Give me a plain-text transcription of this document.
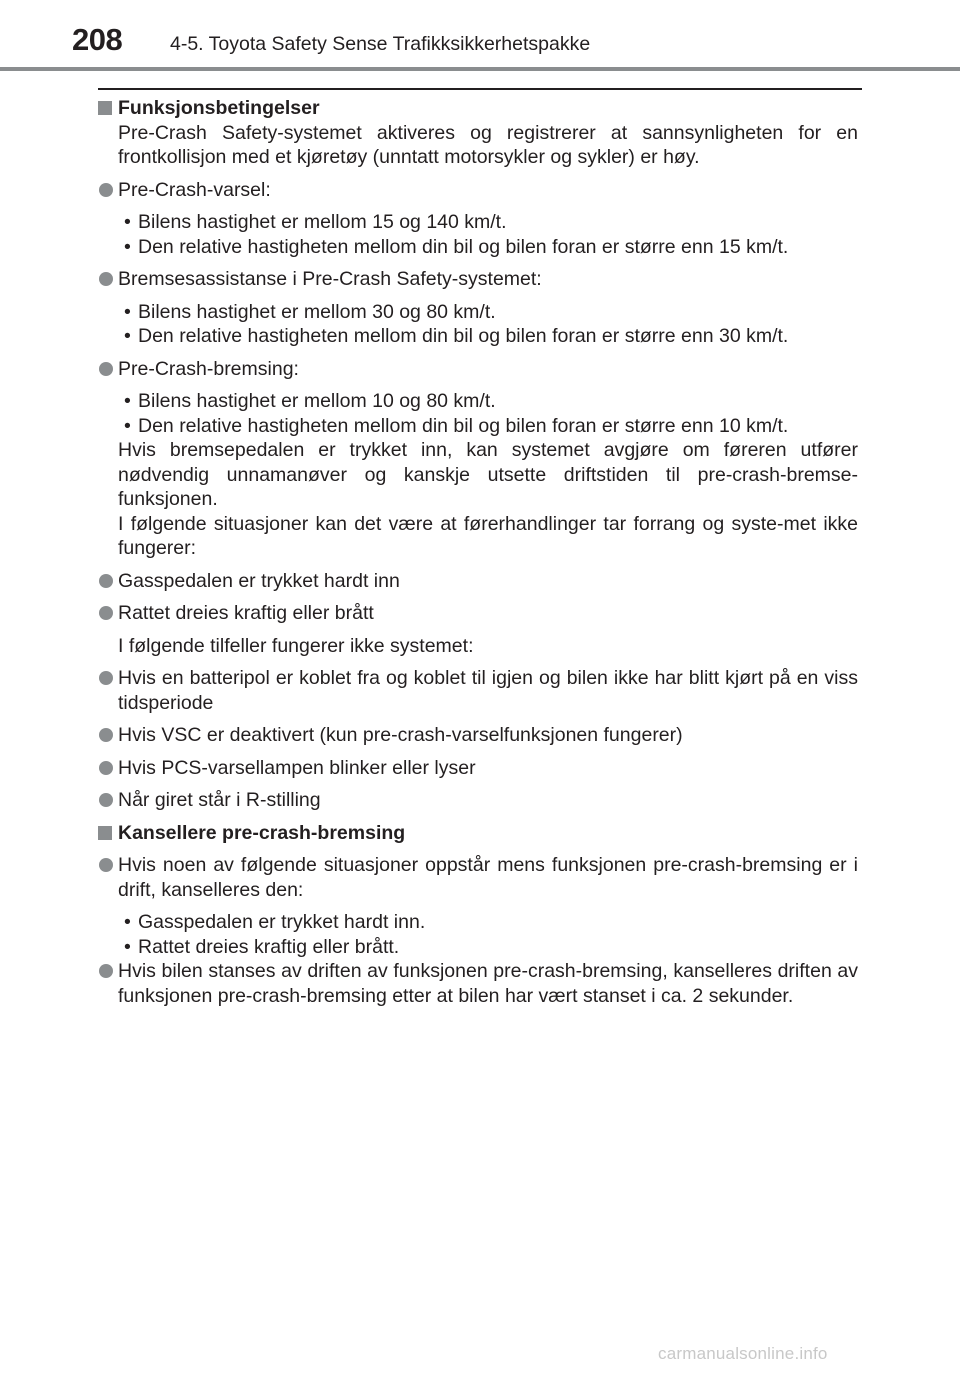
208 4-5. Toyota Safety Sense Trafikksikkerhetspakke
Funksjonsbetingelser
Pre-Crash Safety-systemet aktiveres og registrerer at sannsynligheten for en frontkollisjon med et kjøretøy (unntatt motorsykler og sykler) er høy.
Pre-Crash-varsel:
• Bilens hastighet er mellom 15 og 140 km/t.
• Den relative hastigheten mellom din bil og bilen foran er større enn 15 km/t.
Bremsesassistanse i Pre-Crash Safety-systemet:
• Bilens hastighet er mellom 30 og 80 km/t.
• Den relative hastigheten mellom din bil og bilen foran er større enn 30 km/t.
Pre-Crash-bremsing:
• Bilens hastighet er mellom 10 og 80 km/t.
• Den relative hastigheten mellom din bil og bilen foran er større enn 10 km/t.
Hvis bremsepedalen er trykket inn, kan systemet avgjøre om føreren utfører nødvendig unnamanøver og kanskje utsette driftstiden til pre-crash-bremse-funksjonen.
I følgende situasjoner kan det være at førerhandlinger tar forrang og syste-met ikke fungerer:
Gasspedalen er trykket hardt inn
Rattet dreies kraftig eller brått
I følgende tilfeller fungerer ikke systemet:
Hvis en batteripol er koblet fra og koblet til igjen og bilen ikke har blitt kjørt på en viss tidsperiode
Hvis VSC er deaktivert (kun pre-crash-varselfunksjonen fungerer)
Hvis PCS-varsellampen blinker eller lyser
Når giret står i R-stilling
Kansellere pre-crash-bremsing
Hvis noen av følgende situasjoner oppstår mens funksjonen pre-crash-bremsing er i drift, kanselleres den:
• Gasspedalen er trykket hardt inn.
• Rattet dreies kraftig eller brått.
Hvis bilen stanses av driften av funksjonen pre-crash-bremsing, kanselleres driften av funksjonen pre-crash-bremsing etter at bilen har vært stanset i ca. 2 sekunder.
carmanualsonline.info
